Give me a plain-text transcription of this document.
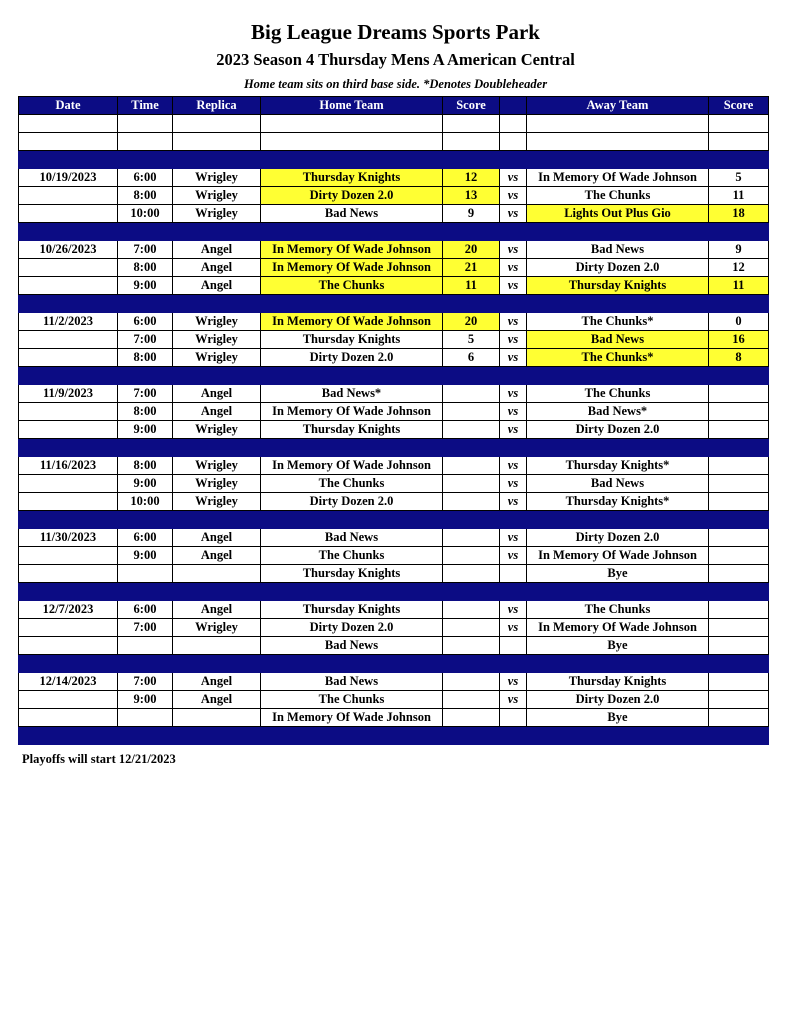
Big League Dreams Sports Park
2023 Season 4 Thursday Mens A American Central
Home team sits on third base side. *Denotes Doubleheader
Date	Time	Replica	Home Team	Score		Away Team	Score

10/19/2023	6:00	Wrigley	Thursday Knights	12	vs	In Memory Of Wade Johnson	5
	8:00	Wrigley	Dirty Dozen 2.0	13	vs	The Chunks	11
	10:00	Wrigley	Bad News	9	vs	Lights Out Plus Gio	18

10/26/2023	7:00	Angel	In Memory Of Wade Johnson	20	vs	Bad News	9
	8:00	Angel	In Memory Of Wade Johnson	21	vs	Dirty Dozen 2.0	12
	9:00	Angel	The Chunks	11	vs	Thursday Knights	11

11/2/2023	6:00	Wrigley	In Memory Of Wade Johnson	20	vs	The Chunks*	0
	7:00	Wrigley	Thursday Knights	5	vs	Bad News	16
	8:00	Wrigley	Dirty Dozen 2.0	6	vs	The Chunks*	8

11/9/2023	7:00	Angel	Bad News*		vs	The Chunks	
	8:00	Angel	In Memory Of Wade Johnson		vs	Bad News*	
	9:00	Wrigley	Thursday Knights		vs	Dirty Dozen 2.0	

11/16/2023	8:00	Wrigley	In Memory Of Wade Johnson		vs	Thursday Knights*	
	9:00	Wrigley	The Chunks		vs	Bad News	
	10:00	Wrigley	Dirty Dozen 2.0		vs	Thursday Knights*	

11/30/2023	6:00	Angel	Bad News		vs	Dirty Dozen 2.0	
	9:00	Angel	The Chunks		vs	In Memory Of Wade Johnson	
			Thursday Knights			Bye	

12/7/2023	6:00	Angel	Thursday Knights		vs	The Chunks	
	7:00	Wrigley	Dirty Dozen 2.0		vs	In Memory Of Wade Johnson	
			Bad News			Bye	

12/14/2023	7:00	Angel	Bad News		vs	Thursday Knights	
	9:00	Angel	The Chunks		vs	Dirty Dozen 2.0	
			In Memory Of Wade Johnson			Bye	

Playoffs will start 12/21/2023
